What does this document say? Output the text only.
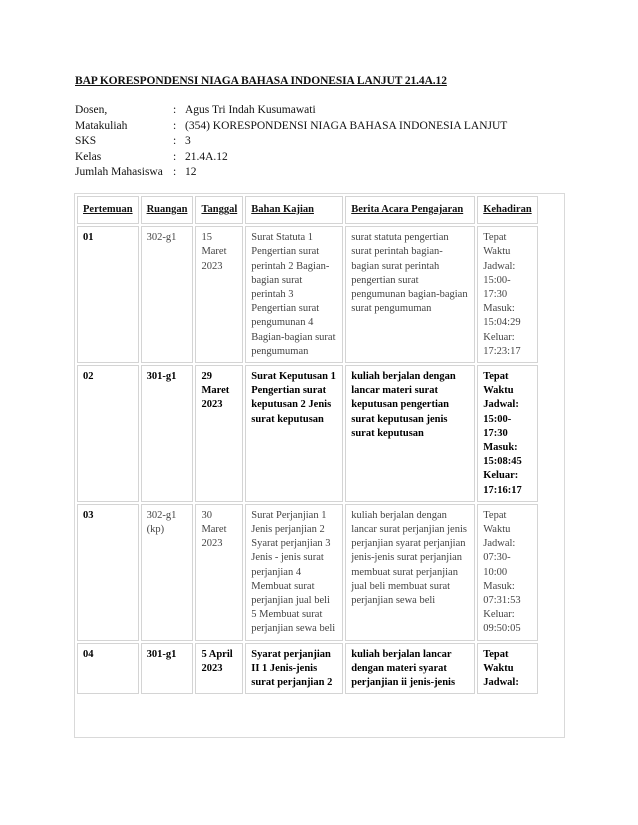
BAP KORESPONDENSI NIAGA BAHASA INDONESIA LANJUT 21.4A.12
Dosen,	: Agus Tri Indah Kusumawati
Matakuliah	: (354) KORESPONDENSI NIAGA BAHASA INDONESIA LANJUT
SKS	: 3
Kelas	: 21.4A.12
Jumlah Mahasiswa : 12
Pertemuan	Ruangan	Tanggal	Bahan Kajian	Berita Acara Pengajaran	Kehadiran
01	302-g1	15 Maret 2023	Surat Statuta 1 Pengertian surat perintah 2 Bagian-bagian surat perintah 3 Pengertian surat pengumunan 4 Bagian-bagian surat pengumuman	surat statuta pengertian surat perintah bagian-bagian surat perintah pengertian surat pengumunan bagian-bagian surat pengumuman	Tepat Waktu Jadwal: 15:00-17:30 Masuk: 15:04:29 Keluar: 17:23:17
02	301-g1	29 Maret 2023	Surat Keputusan 1 Pengertian surat keputusan 2 Jenis surat keputusan	kuliah berjalan dengan lancar materi surat keputusan pengertian surat keputusan jenis surat keputusan	Tepat Waktu Jadwal: 15:00-17:30 Masuk: 15:08:45 Keluar: 17:16:17
03	302-g1 (kp)	30 Maret 2023	Surat Perjanjian 1 Jenis perjanjian 2 Syarat perjanjian 3 Jenis - jenis surat perjanjian 4 Membuat surat perjanjian jual beli 5 Membuat surat perjanjian sewa beli	kuliah berjalan dengan lancar surat perjanjian jenis perjanjian syarat perjanjian jenis-jenis surat perjanjian membuat surat perjanjian jual beli membuat surat perjanjian sewa beli	Tepat Waktu Jadwal: 07:30-10:00 Masuk: 07:31:53 Keluar: 09:50:05
04	301-g1	5 April 2023	Syarat perjanjian II 1 Jenis-jenis surat perjanjian 2	kuliah berjalan lancar dengan materi syarat perjanjian ii jenis-jenis	Tepat Waktu Jadwal:
